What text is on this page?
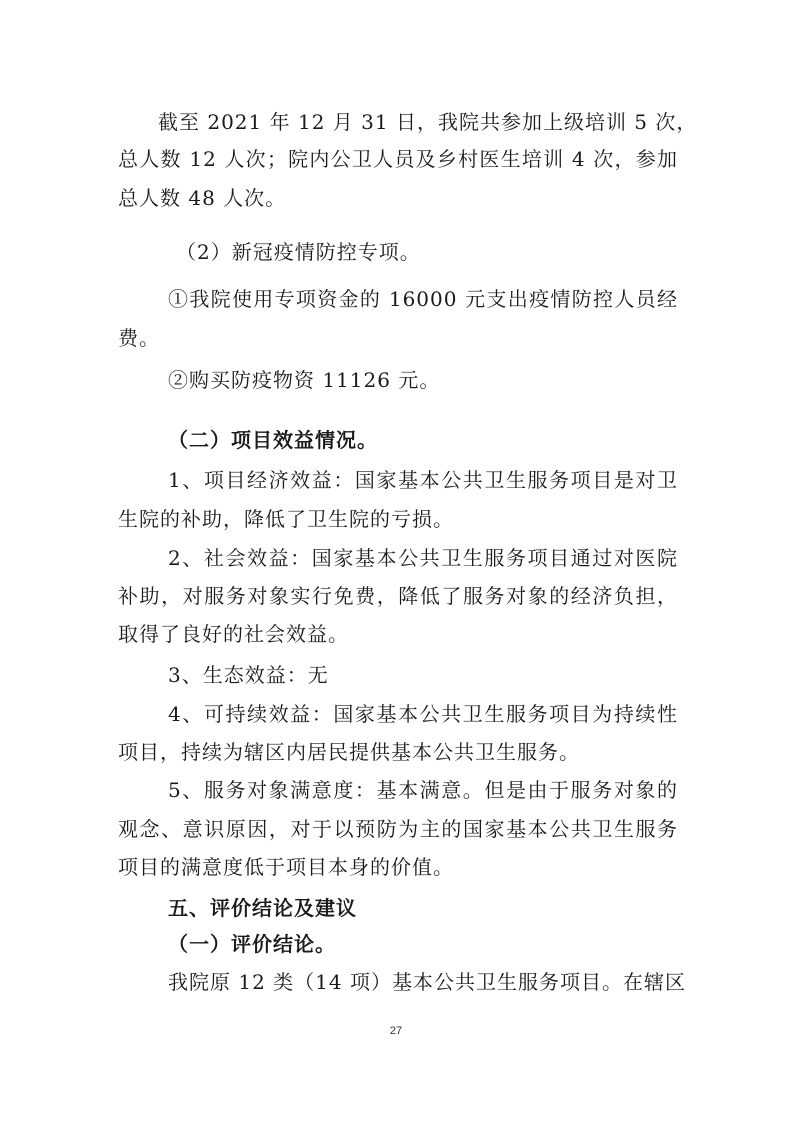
截至 2021 年 12 月 31 日，我院共参加上级培训 5 次，
总人数 12 人次；院内公卫人员及乡村医生培训 4 次，参加
总人数 48 人次。
（2）新冠疫情防控专项。
①我院使用专项资金的 16000 元支出疫情防控人员经
费。
②购买防疫物资 11126 元。
（二）项目效益情况。
1、项目经济效益：国家基本公共卫生服务项目是对卫
生院的补助，降低了卫生院的亏损。
2、社会效益：国家基本公共卫生服务项目通过对医院
补助，对服务对象实行免费，降低了服务对象的经济负担，
取得了良好的社会效益。
3、生态效益：无
4、可持续效益：国家基本公共卫生服务项目为持续性
项目，持续为辖区内居民提供基本公共卫生服务。
5、服务对象满意度：基本满意。但是由于服务对象的
观念、意识原因，对于以预防为主的国家基本公共卫生服务
项目的满意度低于项目本身的价值。
五、评价结论及建议
（一）评价结论。
我院原 12 类（14 项）基本公共卫生服务项目。在辖区
27
